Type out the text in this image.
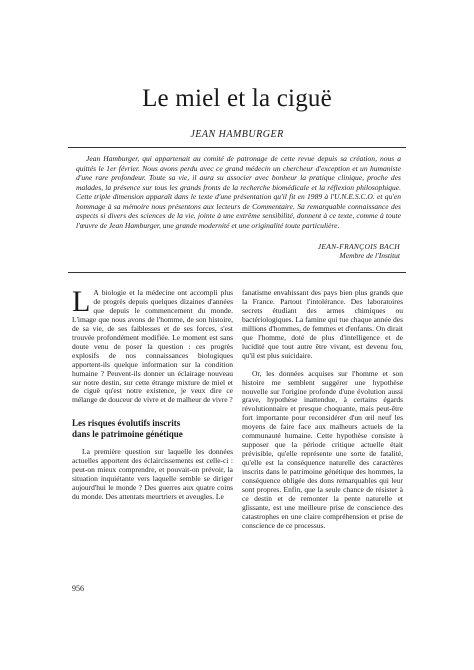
Le miel et la ciguë
JEAN HAMBURGER

Jean Hamburger, qui appartenait au comité de patronage de cette revue depuis sa création, nous a quittés le 1er février. Nous avons perdu avec ce grand médecin un chercheur d'exception et un humaniste d'une rare profondeur. Toute sa vie, il aura su associer avec bonheur la pratique clinique, proche des malades, la présence sur tous les grands fronts de la recherche biomédicale et la réflexion philosophique. Cette triple dimension apparaît dans le texte d'une présentation qu'il fit en 1989 à l'U.N.E.S.C.O. et qu'en hommage à sa mémoire nous présentons aux lecteurs de Commentaire. Sa remarquable connaissance des aspects si divers des sciences de la vie, jointe à une extrême sensibilité, donnent à ce texte, comme à toute l'œuvre de Jean Hamburger, une grande modernité et une originalité toute particulière.

JEAN-FRANÇOIS BACH
Membre de l'Institut

L A biologie et la médecine ont accompli plus de progrès depuis quelques dizaines d'années que depuis le commencement du monde. L'image que nous avons de l'homme, de son histoire, de sa vie, de ses faiblesses et de ses forces, s'est trouvée profondément modifiée. Le moment est sans doute venu de poser la question : ces progrès explosifs de nos connaissances biologiques apportent-ils quelque information sur la condition humaine ? Peuvent-ils donner un éclairage nouveau sur notre destin, sur cette étrange mixture de miel et de ciguë qu'est notre existence, je veux dire ce mélange de douceur de vivre et de malheur de vivre ?

Les risques évolutifs inscrits
dans le patrimoine génétique

La première question sur laquelle les données actuelles apportent des éclaircissements est celle-ci : peut-on mieux comprendre, et pouvait-on prévoir, la situation inquiétante vers laquelle semble se diriger aujourd'hui le monde ? Des guerres aux quatre coins du monde. Des attentats meurtriers et aveugles. Le

fanatisme envahissant des pays bien plus grands que la France. Partout l'intolérance. Des laboratoires secrets étudiant des armes chimiques ou bactériologiques. La famine qui tue chaque année des millions d'hommes, de femmes et d'enfants. On dirait que l'homme, doté de plus d'intelligence et de lucidité que tout autre être vivant, est devenu fou, qu'il est plus suicidaire.

Or, les données acquises sur l'homme et son histoire me semblent suggérer une hypothèse nouvelle sur l'origine profonde d'une évolution aussi grave, hypothèse inattendue, à certains égards révolutionnaire et presque choquante, mais peut-être fort importante pour reconsidérer d'un œil neuf les moyens de faire face aux malheurs actuels de la communauté humaine. Cette hypothèse consiste à supposer que la période critique actuelle était prévisible, qu'elle représente une sorte de fatalité, qu'elle est la conséquence naturelle des caractères inscrits dans le patrimoine génétique des hommes, la conséquence obligée des dons remarquables qui leur sont propres. Enfin, que la seule chance de résister à ce destin et de remonter la pente naturelle et glissante, est une meilleure prise de conscience des catastrophes en une claire compréhension et prise de conscience de ce processus.

956
